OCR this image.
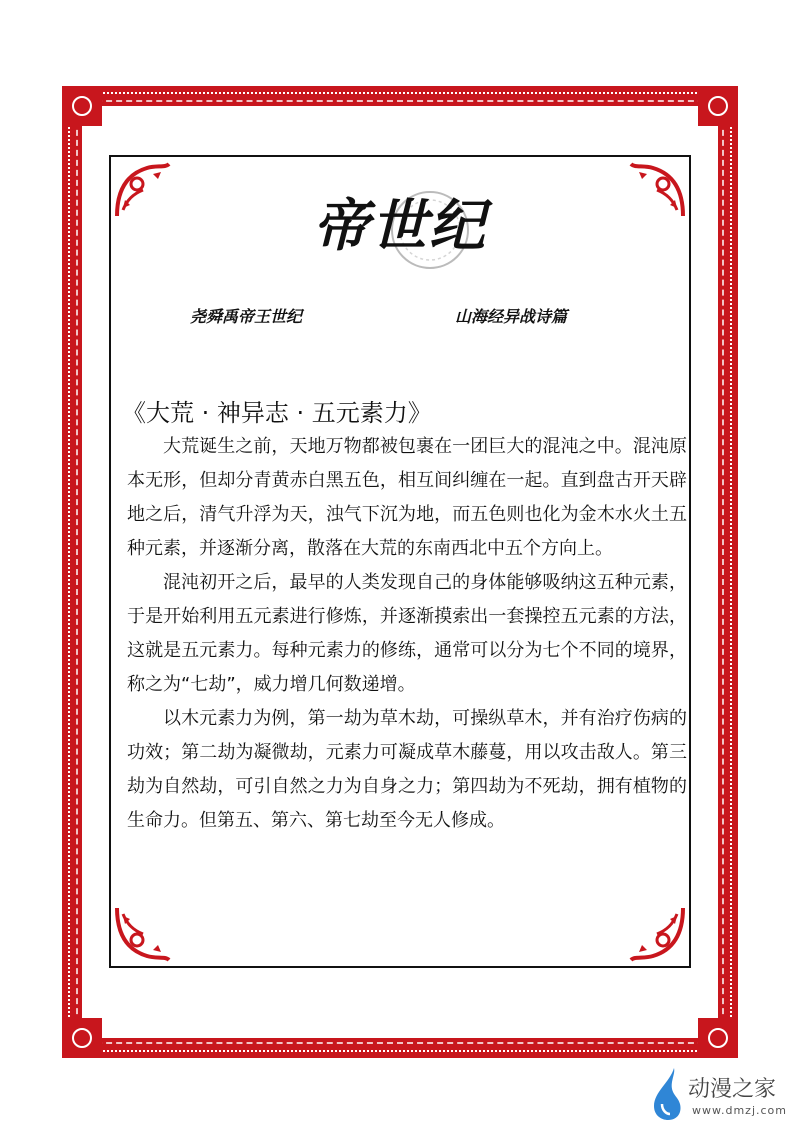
帝世纪
尧舜禹帝王世纪	山海经异战诗篇
《大荒 · 神异志 · 五元素力》

大荒诞生之前，天地万物都被包裹在一团巨大的混沌之中。混沌原本无形，但却分青黄赤白黑五色，相互间纠缠在一起。直到盘古开天辟地之后，清气升浮为天，浊气下沉为地，而五色则也化为金木水火土五种元素，并逐渐分离，散落在大荒的东南西北中五个方向上。

混沌初开之后，最早的人类发现自己的身体能够吸纳这五种元素，于是开始利用五元素进行修炼，并逐渐摸索出一套操控五元素的方法，这就是五元素力。每种元素力的修练，通常可以分为七个不同的境界，称之为“七劫”，威力增几何数递增。

以木元素力为例，第一劫为草木劫，可操纵草木，并有治疗伤病的功效；第二劫为凝微劫，元素力可凝成草木藤蔓，用以攻击敌人。第三劫为自然劫，可引自然之力为自身之力；第四劫为不死劫，拥有植物的生命力。但第五、第六、第七劫至今无人修成。

动漫之家
www.dmzj.com
